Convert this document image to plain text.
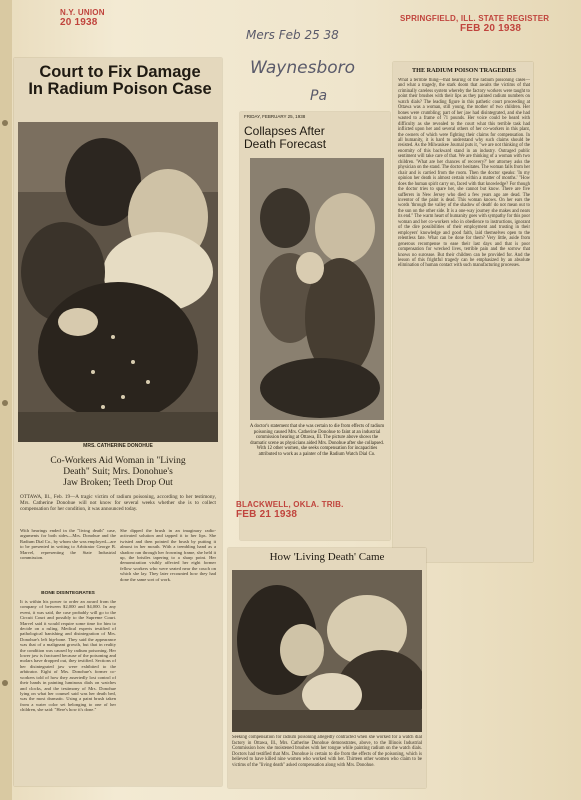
N.Y. UNION
20 1938
Court to Fix Damage
In Radium Poison Case
MRS. CATHERINE DONOHUE
Co-Workers Aid Woman in "Living
Death" Suit; Mrs. Donohue's
Jaw Broken; Teeth Drop Out
OTTAWA, Ill., Feb. 19—A tragic victim of radium poisoning, according to her testimony, Mrs. Catherine Donohue will not know for several weeks whether she is to collect compensation for her condition, it was announced today.
With hearings ended in the "living death" case, arguments for both sides—Mrs. Donohue and the Radium Dial Co., by whom she was employed—are to be presented in writing to Arbitrator George B. Marvel, representing the State Industrial commission.
BONE DISINTEGRATES
It is within his power to order an award from the company of between $2,000 and $4,000. In any event, it was said, the case probably will go to the Circuit Court and possibly to the Supreme Court. Marvel said it would require some time for him to decide on a ruling. Medical experts testified of pathological banishing and disintegration of Mrs. Donohue's left hip-bone. They said the appearance was that of a malignant growth, but that in reality the condition was caused by radium poisoning. Her lower jaw is fractured because of the poisoning and molars have dropped out, they testified. Sections of her disintegrated jaw were exhibited to the arbitrator. Eight of Mrs. Donohue's former co-workers told of how they assertedly lost control of their hands in painting luminous dials on watches and clocks, and the testimony of Mrs. Donohue lying on what her counsel said was her death bed, was the most dramatic. Using a paint brush taken from a water color set belonging to one of her children, she said: "Here's how it's done."
She dipped the brush in an imaginary radio-activated solution and tapped it to her lips. She twisted and then pointed the brush by putting it almost in her mouth. With a trembling hand as a shadow ran through her frowning frame, she held it up, the bristles tapering to a sharp point. Her demonstration visibly affected her eight former fellow workers who were seated near the couch on which she lay. They later recounted how they had done the same sort of work.
Mers Feb 25 38
Waynesboro
Pa
FRIDAY, FEBRUARY 25, 1938
Collapses After
Death Forecast
A doctor's statement that she was certain to die from effects of radium poisoning caused Mrs. Catherine Donohue to faint at an industrial commission hearing at Ottawa, Ill. The picture above shows the dramatic scene as physicians aided Mrs. Donohue after she collapsed. With 12 other women, she seeks compensation for incapacities attributed to work as a painter of the Radium Watch Dial Co.
SPRINGFIELD, ILL. STATE REGISTER
FEB 20 1938
THE RADIUM POISON TRAGEDIES
What a terrible thing—that hearing of the radium poisoning cases—and what a tragedy, the stark doom that awaits the victims of that criminally careless system whereby the factory workers were taught to point their brushes with their lips as they painted radium numbers on watch dials? The leading figure in this pathetic court proceeding at Ottawa was a woman, still young, the mother of two children. Her bones were crumbling; part of her jaw had disintegrated, and she had wasted to a frame of 71 pounds. Her voice could be heard with difficulty as she revealed to the court what this terrible task had inflicted upon her and several others of her co-workers in this plant, the owners of which were fighting their claims for compensation. In all humanity, it is hard to understand why such claims should be resisted. As the Milwaukee Journal puts it, "we are not thinking of the enormity of this backward stand in an industry. Outraged public sentiment will take care of that. We are thinking of a woman with two children. 'What are her chances of recovery?' her attorney asks the physician on the stand. The doctor hesitates. The woman falls from her chair and is carried from the room. Then the doctor speaks: 'In my opinion her death is almost certain within a matter of months.' "How does the human spirit carry on, faced with that knowledge? For though the doctor tries to spare her, she cannot but know. There are five sufferers in New Jersey who died a few years ago are dead. The inventor of the paint is dead. This woman knows. On her ears the words 'through the valley of the shadow of death' do not mean out to the sun on the other side. It is a one-way journey she makes and nears its end." The warm heart of humanity goes with sympathy for this poor woman and her co-workers who in obedience to instructions, ignorant of the dire possibilities of their employment and trusting in their employers' knowledge and good faith, laid themselves open to the relentless fate. What can be done for them? Very little, aside from generous recompense to ease their last days and that is poor compensation for wrecked lives, terrible pain and the sorrow that knows no surcease. But their children can be provided for. And the lesson of this frightful tragedy can be emphasized by an absolute elimination of human contact with such manufacturing processes.
BLACKWELL, OKLA. TRIB.
FEB 21 1938
How 'Living Death' Came
Seeking compensation for radium poisoning allegedly contracted when she worked for a watch dial factory in Ottawa, Ill., Mrs. Catherine Donohue demonstrates, above, to the Illinois Industrial Commission how she moistened brushes with her tongue while painting radium on the watch dials. Doctors had testified that Mrs. Donohue is certain to die from the effects of the poisoning, which is believed to have killed nine women who worked with her. Thirteen other women who claim to be victims of the "living death" asked compensation along with Mrs. Donohue.
